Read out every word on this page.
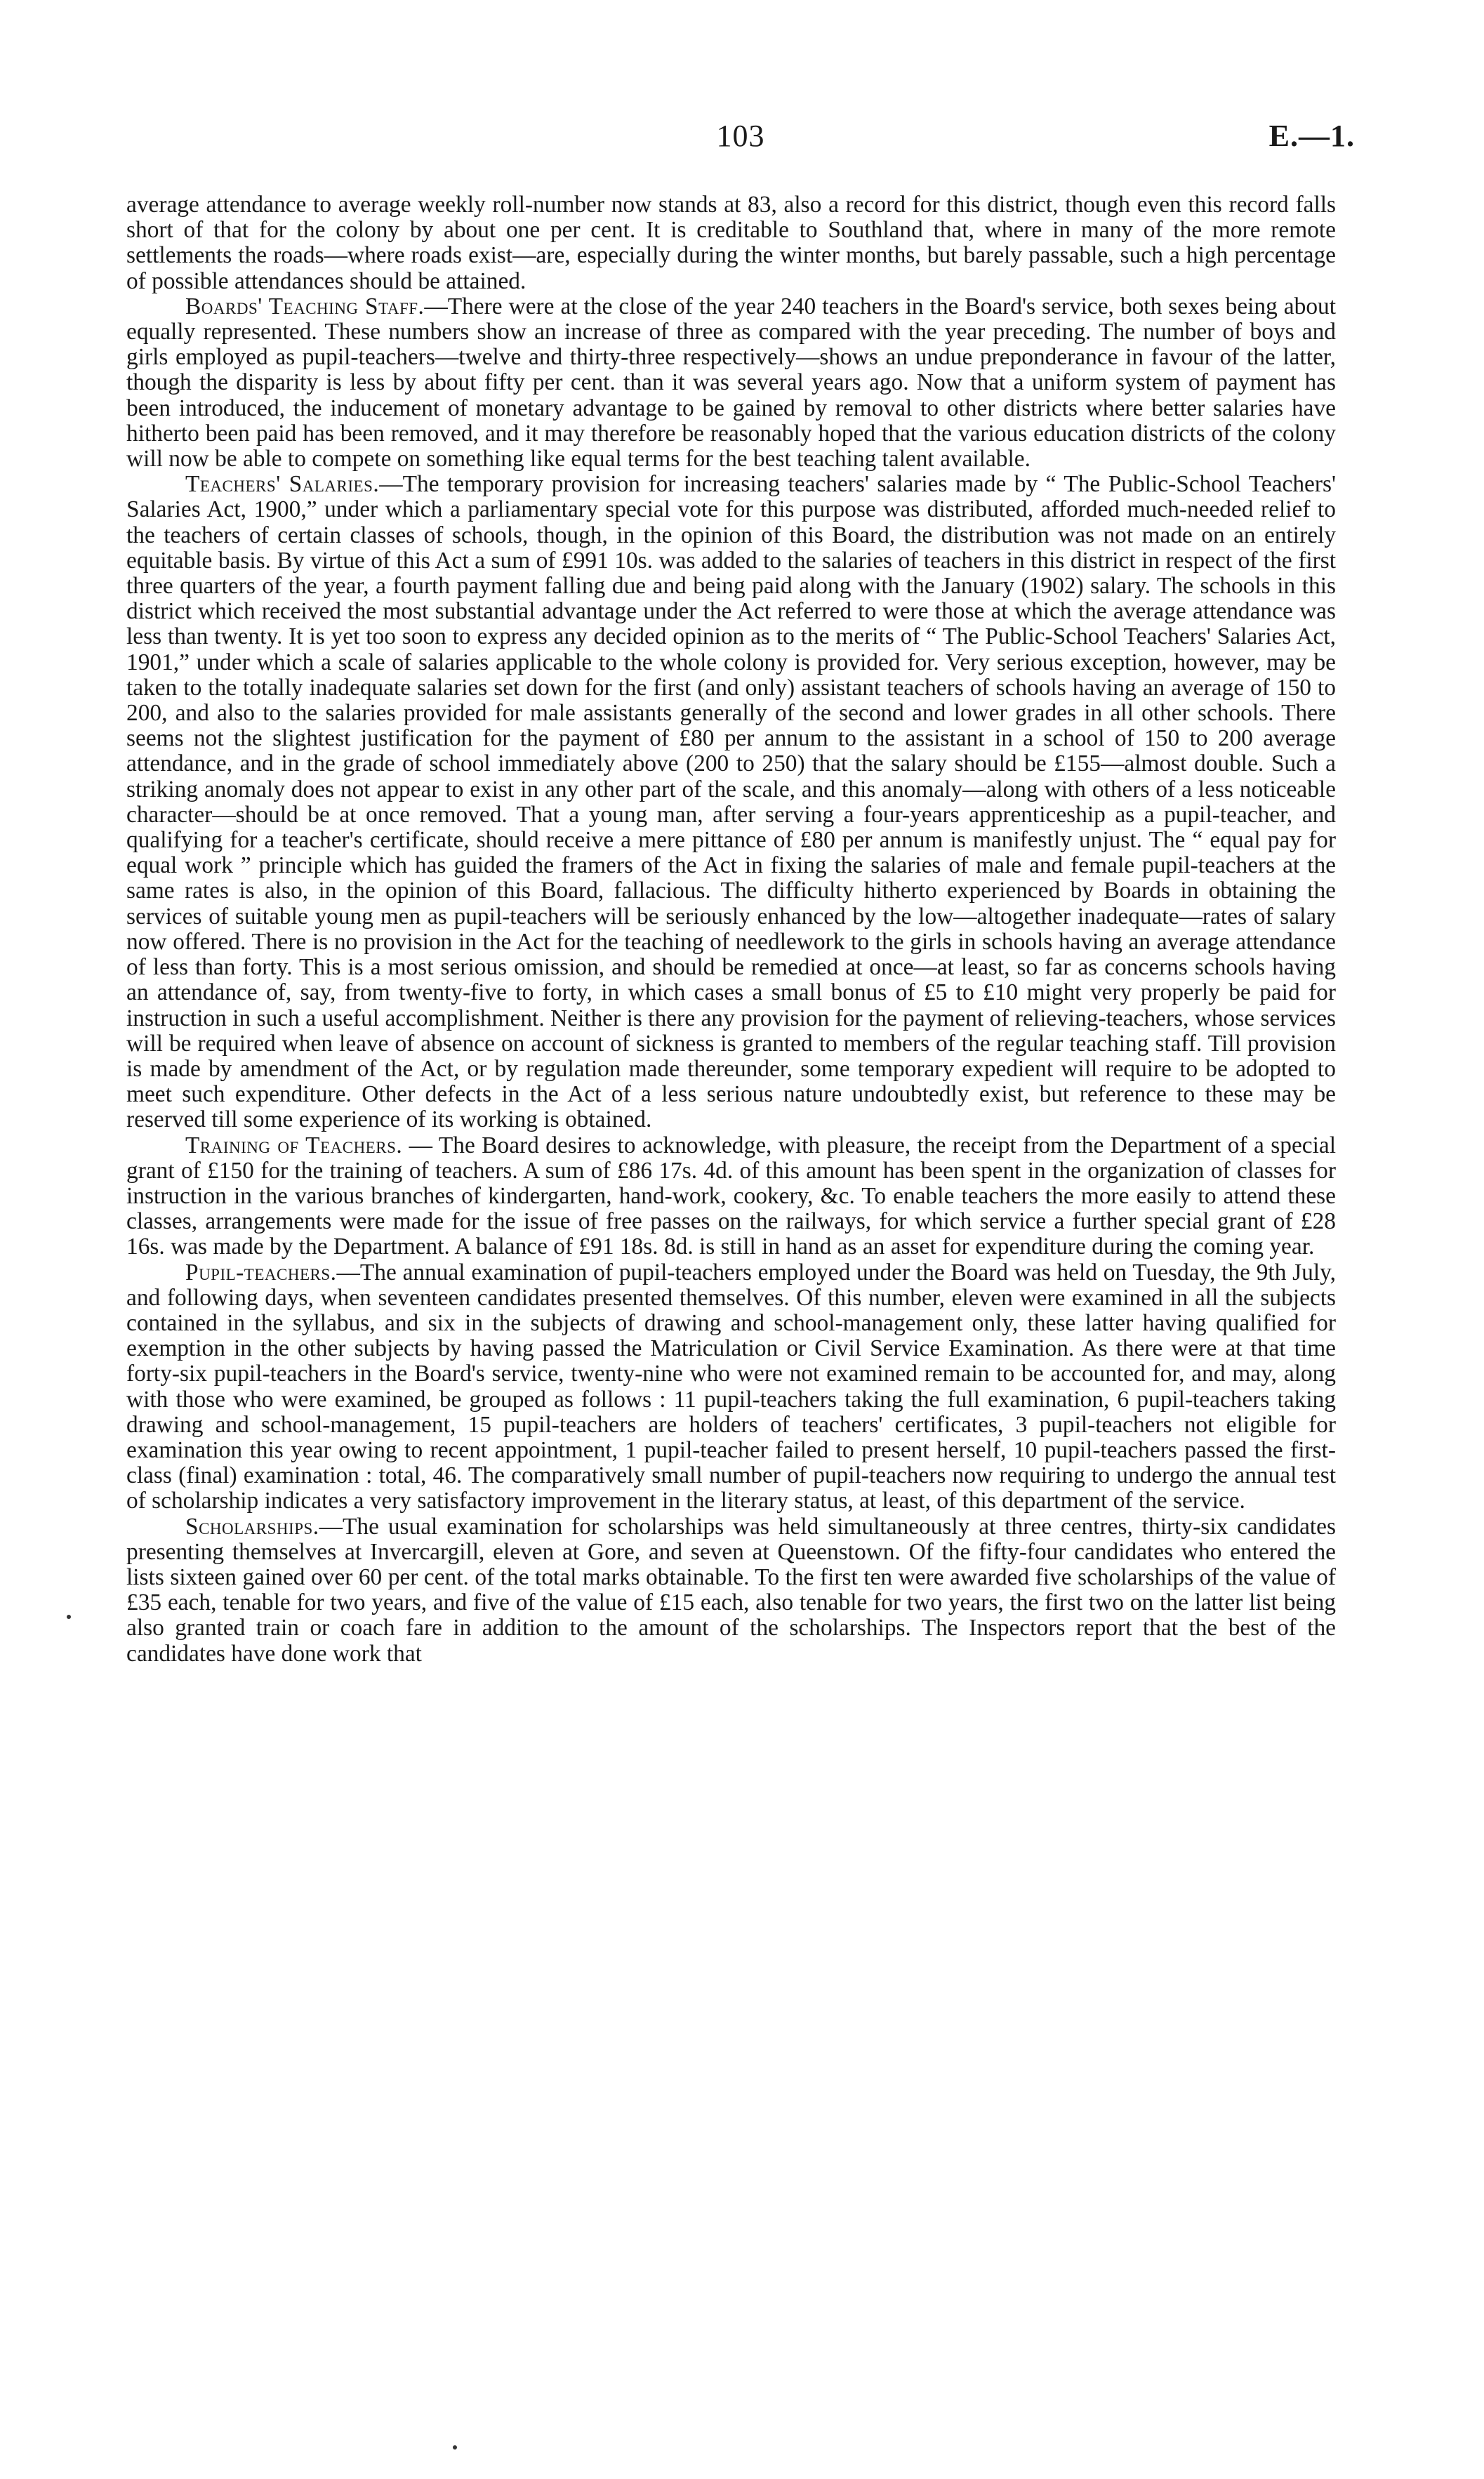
103	E.—1.

average attendance to average weekly roll-number now stands at 83, also a record for this district, though even this record falls short of that for the colony by about one per cent. It is creditable to Southland that, where in many of the more remote settlements the roads—where roads exist—are, especially during the winter months, but barely passable, such a high percentage of possible attendances should be attained.

Boards' Teaching Staff.—There were at the close of the year 240 teachers in the Board's service, both sexes being about equally represented. These numbers show an increase of three as compared with the year preceding. The number of boys and girls employed as pupil-teachers—twelve and thirty-three respectively—shows an undue preponderance in favour of the latter, though the disparity is less by about fifty per cent. than it was several years ago. Now that a uniform system of payment has been introduced, the inducement of monetary advantage to be gained by removal to other districts where better salaries have hitherto been paid has been removed, and it may therefore be reasonably hoped that the various education districts of the colony will now be able to compete on something like equal terms for the best teaching talent available.

Teachers' Salaries.—The temporary provision for increasing teachers' salaries made by “ The Public-School Teachers' Salaries Act, 1900,” under which a parliamentary special vote for this purpose was distributed, afforded much-needed relief to the teachers of certain classes of schools, though, in the opinion of this Board, the distribution was not made on an entirely equitable basis. By virtue of this Act a sum of £991 10s. was added to the salaries of teachers in this district in respect of the first three quarters of the year, a fourth payment falling due and being paid along with the January (1902) salary. The schools in this district which received the most substantial advantage under the Act referred to were those at which the average attendance was less than twenty. It is yet too soon to express any decided opinion as to the merits of “ The Public-School Teachers' Salaries Act, 1901,” under which a scale of salaries applicable to the whole colony is provided for. Very serious exception, however, may be taken to the totally inadequate salaries set down for the first (and only) assistant teachers of schools having an average of 150 to 200, and also to the salaries provided for male assistants generally of the second and lower grades in all other schools. There seems not the slightest justification for the payment of £80 per annum to the assistant in a school of 150 to 200 average attendance, and in the grade of school immediately above (200 to 250) that the salary should be £155—almost double. Such a striking anomaly does not appear to exist in any other part of the scale, and this anomaly—along with others of a less noticeable character—should be at once removed. That a young man, after serving a four-years apprenticeship as a pupil-teacher, and qualifying for a teacher's certificate, should receive a mere pittance of £80 per annum is manifestly unjust. The “ equal pay for equal work ” principle which has guided the framers of the Act in fixing the salaries of male and female pupil-teachers at the same rates is also, in the opinion of this Board, fallacious. The difficulty hitherto experienced by Boards in obtaining the services of suitable young men as pupil-teachers will be seriously enhanced by the low—altogether inadequate—rates of salary now offered. There is no provision in the Act for the teaching of needlework to the girls in schools having an average attendance of less than forty. This is a most serious omission, and should be remedied at once—at least, so far as concerns schools having an attendance of, say, from twenty-five to forty, in which cases a small bonus of £5 to £10 might very properly be paid for instruction in such a useful accomplishment. Neither is there any provision for the payment of relieving-teachers, whose services will be required when leave of absence on account of sickness is granted to members of the regular teaching staff. Till provision is made by amendment of the Act, or by regulation made thereunder, some temporary expedient will require to be adopted to meet such expenditure. Other defects in the Act of a less serious nature undoubtedly exist, but reference to these may be reserved till some experience of its working is obtained.

Training of Teachers. — The Board desires to acknowledge, with pleasure, the receipt from the Department of a special grant of £150 for the training of teachers. A sum of £86 17s. 4d. of this amount has been spent in the organization of classes for instruction in the various branches of kindergarten, hand-work, cookery, &c. To enable teachers the more easily to attend these classes, arrangements were made for the issue of free passes on the railways, for which service a further special grant of £28 16s. was made by the Department. A balance of £91 18s. 8d. is still in hand as an asset for expenditure during the coming year.

Pupil-teachers.—The annual examination of pupil-teachers employed under the Board was held on Tuesday, the 9th July, and following days, when seventeen candidates presented themselves. Of this number, eleven were examined in all the subjects contained in the syllabus, and six in the subjects of drawing and school-management only, these latter having qualified for exemption in the other subjects by having passed the Matriculation or Civil Service Examination. As there were at that time forty-six pupil-teachers in the Board's service, twenty-nine who were not examined remain to be accounted for, and may, along with those who were examined, be grouped as follows : 11 pupil-teachers taking the full examination, 6 pupil-teachers taking drawing and school-management, 15 pupil-teachers are holders of teachers' certificates, 3 pupil-teachers not eligible for examination this year owing to recent appointment, 1 pupil-teacher failed to present herself, 10 pupil-teachers passed the first-class (final) examination : total, 46. The comparatively small number of pupil-teachers now requiring to undergo the annual test of scholarship indicates a very satisfactory improvement in the literary status, at least, of this department of the service.

Scholarships.—The usual examination for scholarships was held simultaneously at three centres, thirty-six candidates presenting themselves at Invercargill, eleven at Gore, and seven at Queenstown. Of the fifty-four candidates who entered the lists sixteen gained over 60 per cent. of the total marks obtainable. To the first ten were awarded five scholarships of the value of £35 each, tenable for two years, and five of the value of £15 each, also tenable for two years, the first two on the latter list being also granted train or coach fare in addition to the amount of the scholarships. The Inspectors report that the best of the candidates have done work that
